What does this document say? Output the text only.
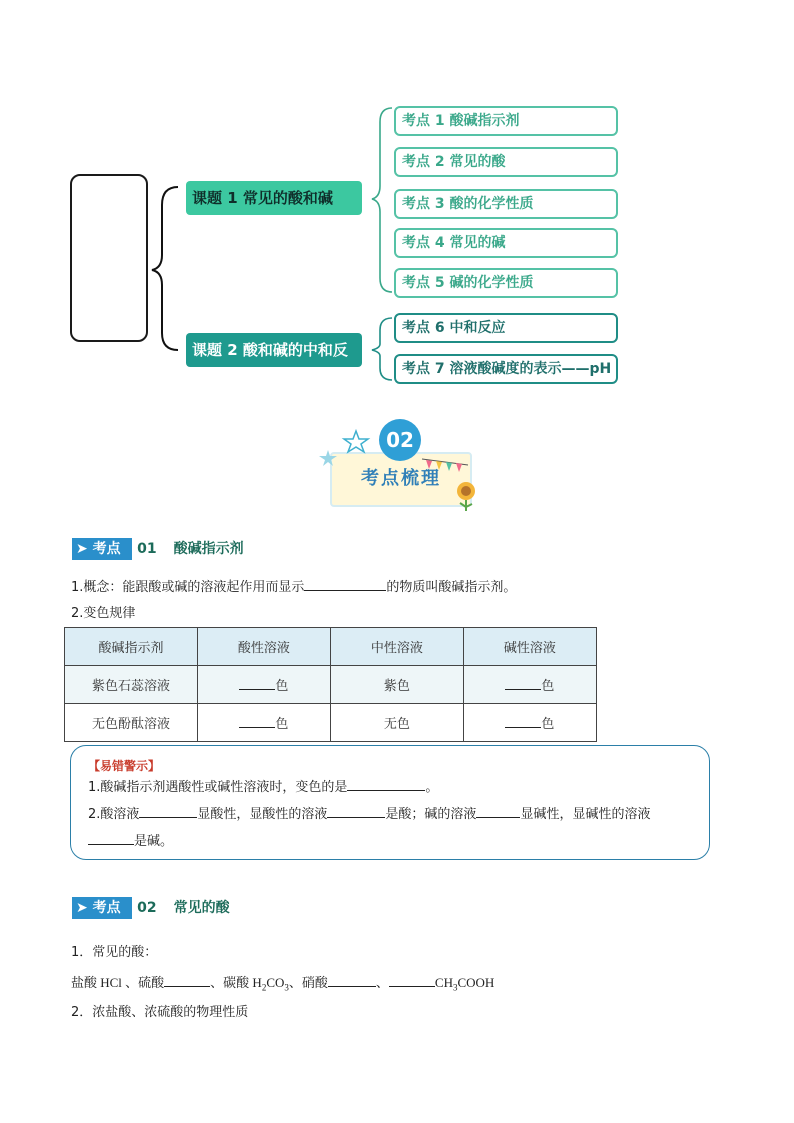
课题 1 常见的酸和碱
课题 2 酸和碱的中和反应
考点 1 酸碱指示剂
考点 2 常见的酸
考点 3 酸的化学性质
考点 4 常见的碱
考点 5 碱的化学性质
考点 6 中和反应
考点 7 溶液酸碱度的表示——pH
02
考点梳理
➤ 考点 01 酸碱指示剂
1.概念：能跟酸或碱的溶液起作用而显示	的物质叫酸碱指示剂。
2.变色规律
酸碱指示剂	酸性溶液	中性溶液	碱性溶液
紫色石蕊溶液	色	紫色	色
无色酚酞溶液	色	无色	色
【易错警示】
1.酸碱指示剂遇酸性或碱性溶液时，变色的是	。
2.酸溶液	显酸性，显酸性的溶液	是酸；碱的溶液	显碱性，显碱性的溶液
是碱。
➤ 考点 02 常见的酸
1．常见的酸：
盐酸 HCl 、硫酸	、碳酸 $H_2CO_3$、硝酸	、	$CH_3COOH$
2．浓盐酸、浓硫酸的物理性质
